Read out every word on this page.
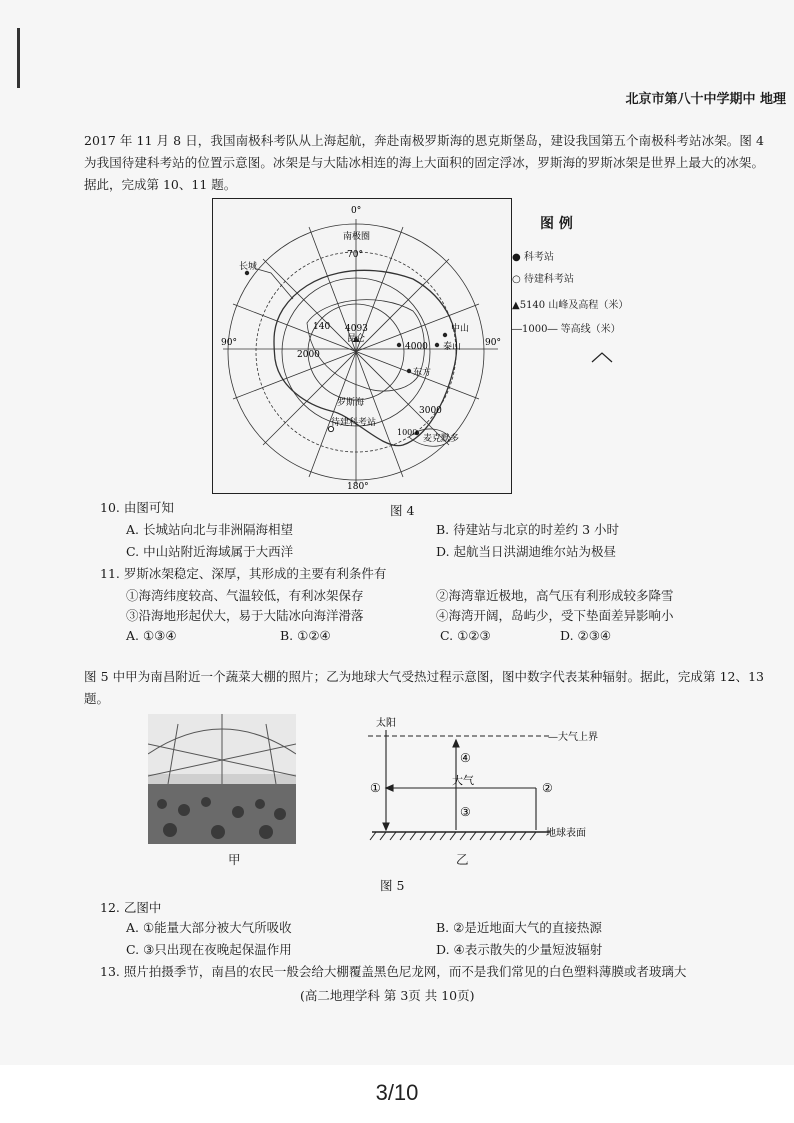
北京市第八十中学期中 地理
2017 年 11 月 8 日，我国南极科考队从上海起航，奔赴南极罗斯海的恩克斯堡岛，建设我国第五个南极科考站冰架。图 4 为我国待建科考站的位置示意图。冰架是与大陆冰相连的海上大面积的固定浮冰，罗斯海的罗斯冰架是世界上最大的冰架。据此，完成第 10、11 题。
0°
180°
90°	90°
南极圈
70°
长城
中山
泰山
4093
昆仑
4000
东方
2000
140
3000
罗斯海
待建科考站
1000
麦克默多
图 例
● 科考站
○ 待建科考站
▲5140 山峰及高程（米）
―1000― 等高线（米）
图 4
10. 由图可知
A. 长城站向北与非洲隔海相望	B. 待建站与北京的时差约 3 小时
C. 中山站附近海域属于大西洋	D. 起航当日洪湖迪维尔站为极昼
11. 罗斯冰架稳定、深厚，其形成的主要有利条件有
①海湾纬度较高、气温较低，有利冰架保存	②海湾靠近极地，高气压有利形成较多降雪
③沿海地形起伏大，易于大陆冰向海洋滑落	④海湾开阔，岛屿少，受下垫面差异影响小
A. ①③④	B. ①②④	C. ①②③	D. ②③④
图 5 中甲为南昌附近一个蔬菜大棚的照片；乙为地球大气受热过程示意图，图中数字代表某种辐射。据此，完成第 12、13 题。
甲
—
太阳
大气上界
大气
地球表面
①	②
③
④
乙
图 5
12. 乙图中
A. ①能量大部分被大气所吸收	B. ②是近地面大气的直接热源
C. ③只出现在夜晚起保温作用	D. ④表示散失的少量短波辐射
13. 照片拍摄季节，南昌的农民一般会给大棚覆盖黑色尼龙网，而不是我们常见的白色塑料薄膜或者玻璃大
(高二地理学科 第 3页 共 10页)
3/10
